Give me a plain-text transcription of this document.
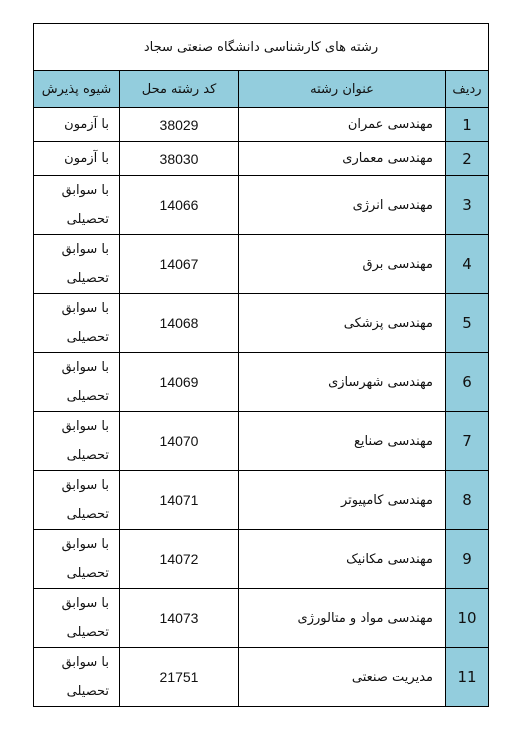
رشته های کارشناسی دانشگاه صنعتی سجاد			
ردیف	عنوان رشته	کد رشته محل	شیوه پذیرش
1	مهندسی عمران	38029	با آزمون

2	مهندسی معماری	38030	با آزمون

3	مهندسی انرژی	14066	با سوابق
تحصیلی

4	مهندسی برق	14067	با سوابق
تحصیلی

5	مهندسی پزشکی	14068	با سوابق
تحصیلی

6	مهندسی شهرسازی	14069	با سوابق
تحصیلی

7	مهندسی صنایع	14070	با سوابق
تحصیلی

8	مهندسی کامپیوتر	14071	با سوابق
تحصیلی

9	مهندسی مکانیک	14072	با سوابق
تحصیلی

10	مهندسی مواد و متالورژی	14073	با سوابق
تحصیلی

11	مدیریت صنعتی	21751	با سوابق
تحصیلی
